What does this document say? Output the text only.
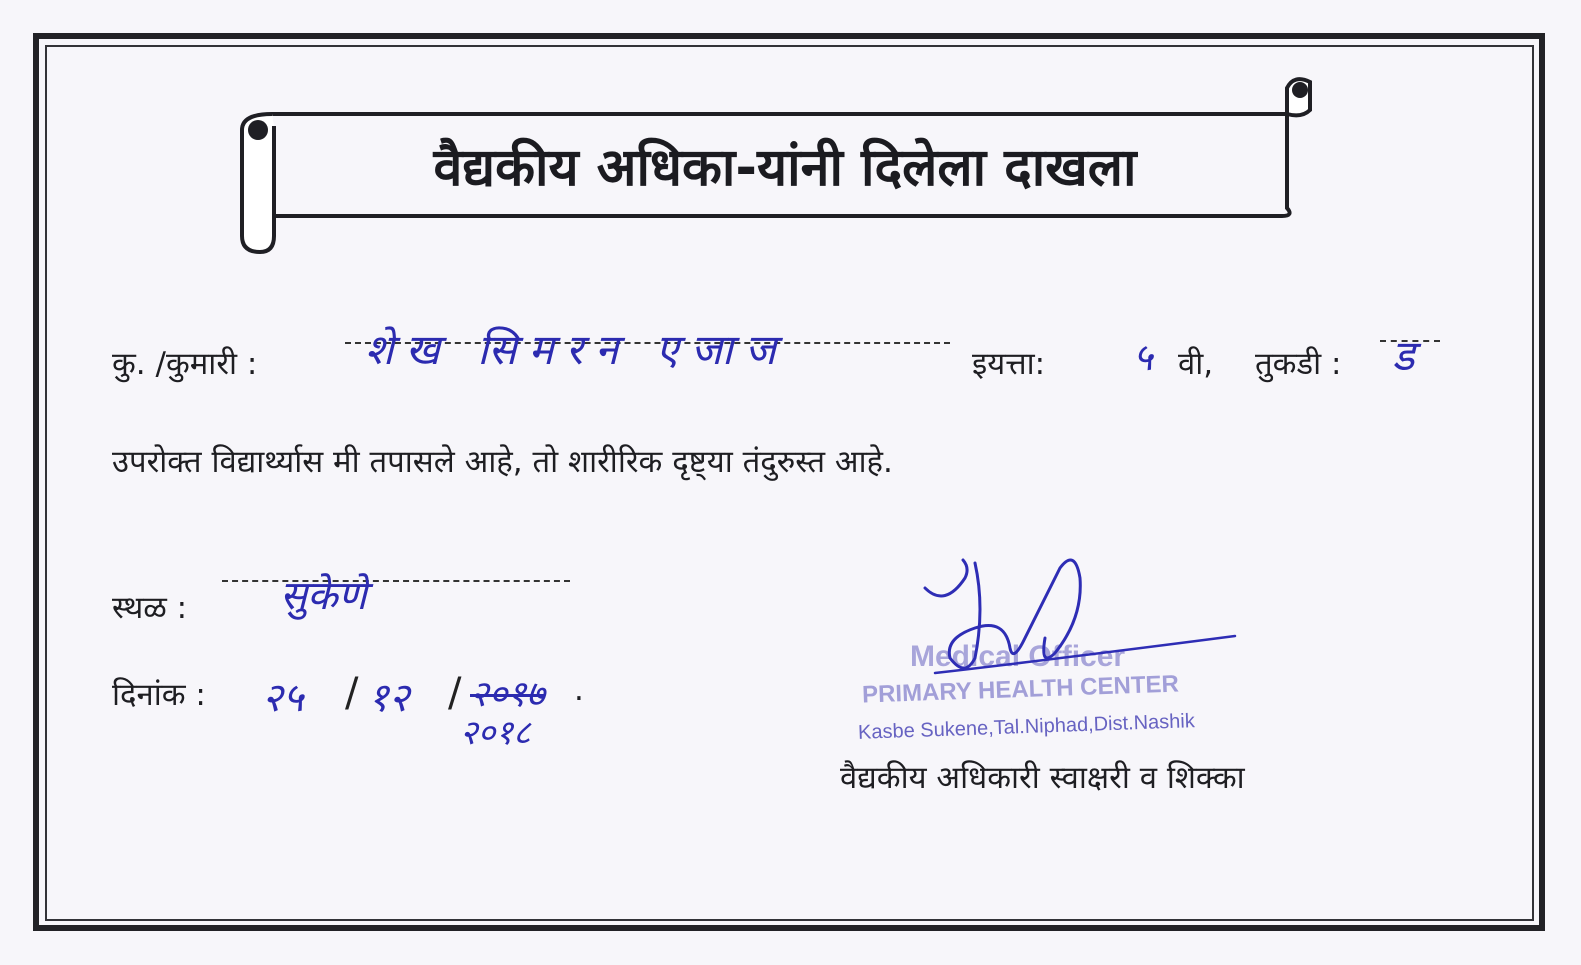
वैद्यकीय अधिका-यांनी दिलेला दाखला
कु. /कुमारी :	शेख सिमरन एजाज	इयत्ता: ५ वी, तुकडी : ड
उपरोक्त विद्यार्थ्यास मी तपासले आहे, तो शारीरिक दृष्ट्या तंदुरुस्त आहे.
स्थळ : सुकेणे
दिनांक : २५ / १२ / २०१७ .
२०१८
Medical Officer
PRIMARY HEALTH CENTER
Kasbe Sukene,Tal.Niphad,Dist.Nashik
वैद्यकीय अधिकारी स्वाक्षरी व शिक्का
